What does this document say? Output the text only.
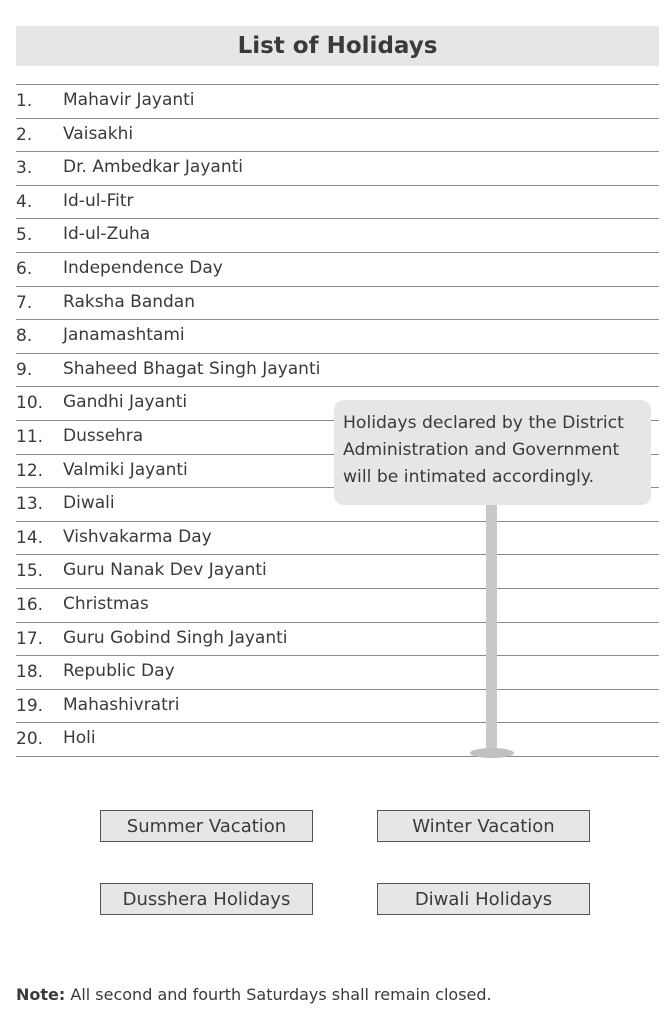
List of Holidays
1. Mahavir Jayanti
2. Vaisakhi
3. Dr. Ambedkar Jayanti
4. Id-ul-Fitr
5. Id-ul-Zuha
6. Independence Day
7. Raksha Bandan
8. Janamashtami
9. Shaheed Bhagat Singh Jayanti
10. Gandhi Jayanti
11. Dussehra
12. Valmiki Jayanti
13. Diwali
14. Vishvakarma Day
15. Guru Nanak Dev Jayanti
16. Christmas
17. Guru Gobind Singh Jayanti
18. Republic Day
19. Mahashivratri
20. Holi
Holidays declared by the District
Administration and Government
will be intimated accordingly.
Summer Vacation	Winter Vacation
Dusshera Holidays	Diwali Holidays
Note: All second and fourth Saturdays shall remain closed.
